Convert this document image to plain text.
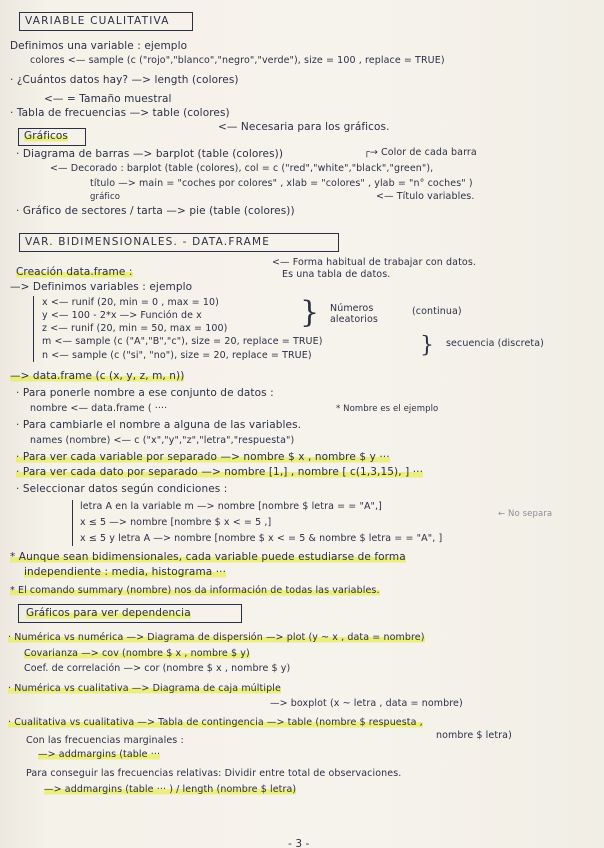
VARIABLE CUALITATIVA
Definimos una variable : ejemplo
colores <— sample (c ("rojo","blanco","negro","verde"), size = 100 , replace = TRUE)
· ¿Cuántos datos hay? —> length (colores)
<— = Tamaño muestral
· Tabla de frecuencias —> table (colores)
<— Necesaria para los gráficos.
Gráficos
· Diagrama de barras —> barplot (table (colores))	┌→ Color de cada barra
<— Decorado : barplot (table (colores), col = c ("red","white","black","green"),
título —> main = "coches por colores" , xlab = "colores" , ylab = "n° coches" )
gráfico	<— Título variables.
· Gráfico de sectores / tarta —> pie (table (colores))
VAR. BIDIMENSIONALES. - DATA.FRAME
<— Forma habitual de trabajar con datos.
Es una tabla de datos.
Creación data.frame :
—> Definimos variables : ejemplo
x <— runif (20, min = 0 , max = 10)
y <— 100 - 2*x —> Función de x
z <— runif (20, min = 50, max = 100)
m <— sample (c ("A","B","c"), size = 20, replace = TRUE)
n <— sample (c ("si", "no"), size = 20, replace = TRUE)
} Números
aleatorios
(continua)
} secuencia (discreta)
—> data.frame (c (x, y, z, m, n))
· Para ponerle nombre a ese conjunto de datos :
nombre <— data.frame ( ····	* Nombre es el ejemplo
· Para cambiarle el nombre a alguna de las variables.
names (nombre) <— c ("x","y","z","letra","respuesta")
· Para ver cada variable por separado —> nombre $ x , nombre $ y ···
· Para ver cada dato por separado —> nombre [1,] , nombre [ c(1,3,15), ] ···
· Seleccionar datos según condiciones :
letra A en la variable m —> nombre [nombre $ letra = = "A",]
← No separa
x ≤ 5 —> nombre [nombre $ x < = 5 ,]
x ≤ 5 y letra A —> nombre [nombre $ x < = 5 & nombre $ letra = = "A", ]
* Aunque sean bidimensionales, cada variable puede estudiarse de forma
independiente : media, histograma ···
* El comando summary (nombre) nos da información de todas las variables.
Gráficos para ver dependencia
· Numérica vs numérica —> Diagrama de dispersión —> plot (y ~ x , data = nombre)
Covarianza —> cov (nombre $ x , nombre $ y)
Coef. de correlación —> cor (nombre $ x , nombre $ y)
· Numérica vs cualitativa —> Diagrama de caja múltiple
—> boxplot (x ~ letra , data = nombre)
· Cualitativa vs cualitativa —> Tabla de contingencia —> table (nombre $ respuesta ,
nombre $ letra)
Con las frecuencias marginales :
—> addmargins (table ···
Para conseguir las frecuencias relativas: Dividir entre total de observaciones.
—> addmargins (table ··· ) / length (nombre $ letra)
- 3 -
